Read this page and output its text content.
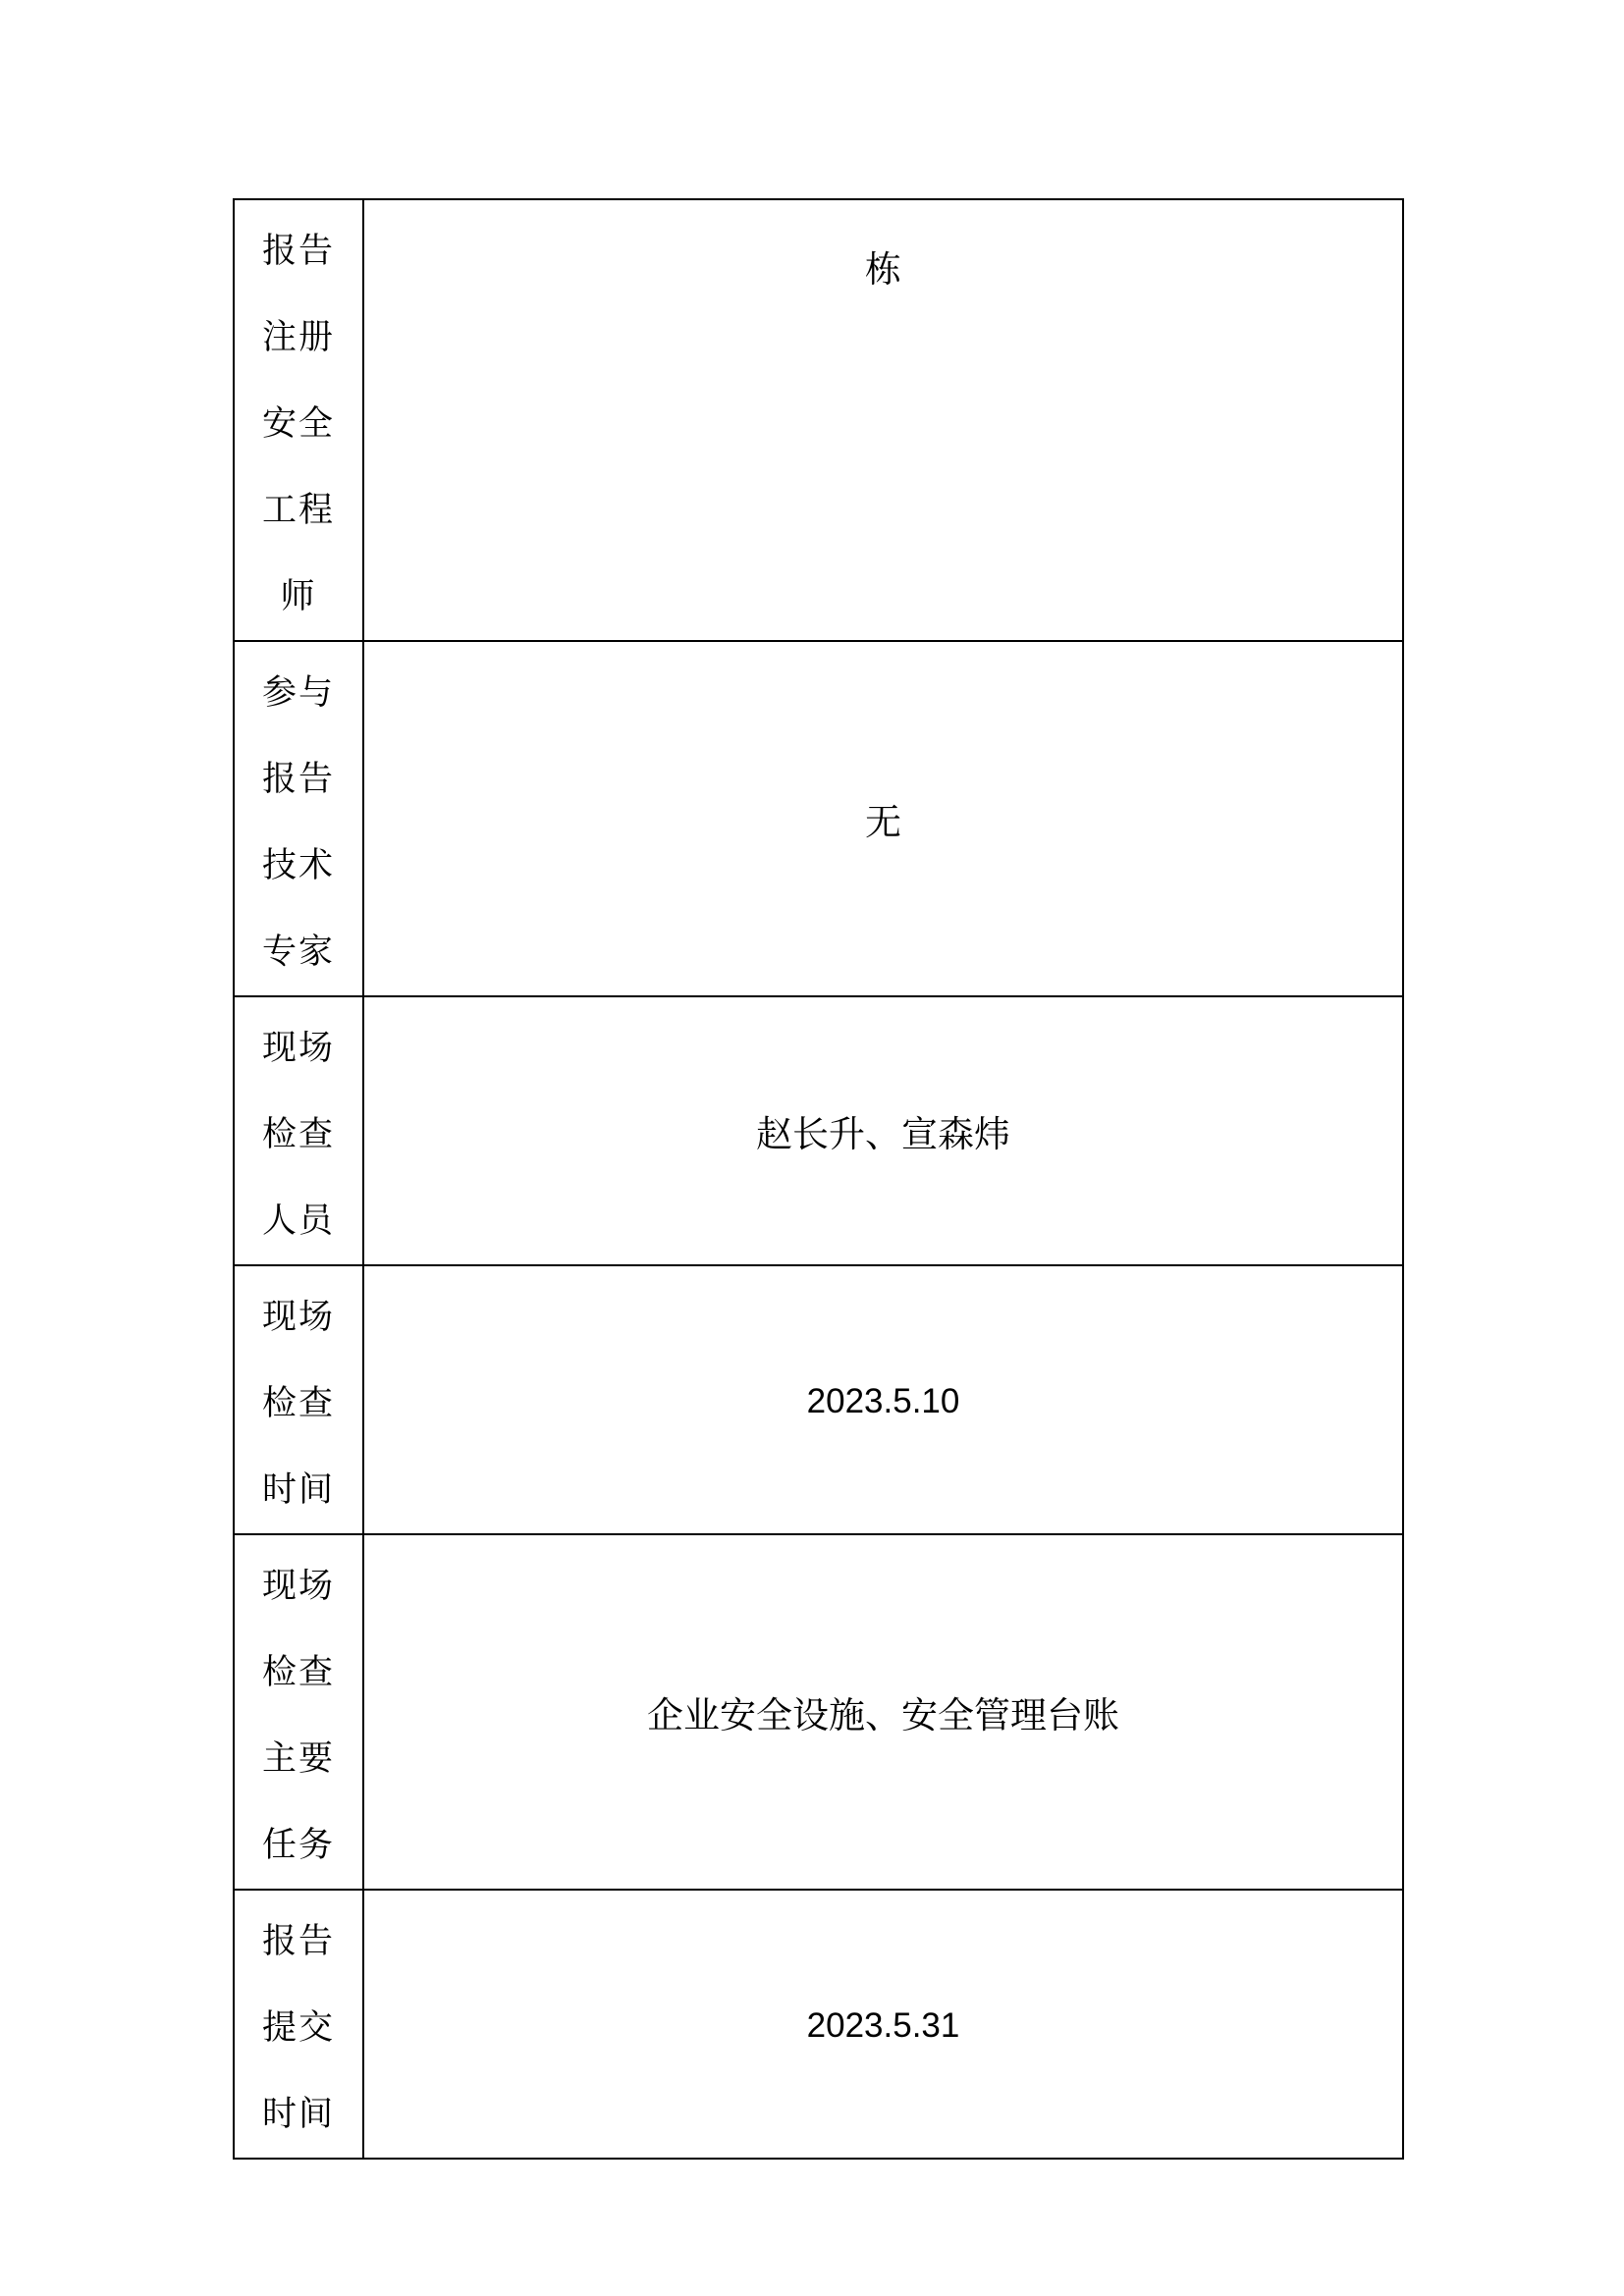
报告
注册
安全
工程
师	栋

参与
报告
技术
专家	无

现场
检查
人员	赵长升、宣森炜

现场
检查
时间	2023.5.10

现场
检查
主要
任务	企业安全设施、安全管理台账

报告
提交
时间	2023.5.31
